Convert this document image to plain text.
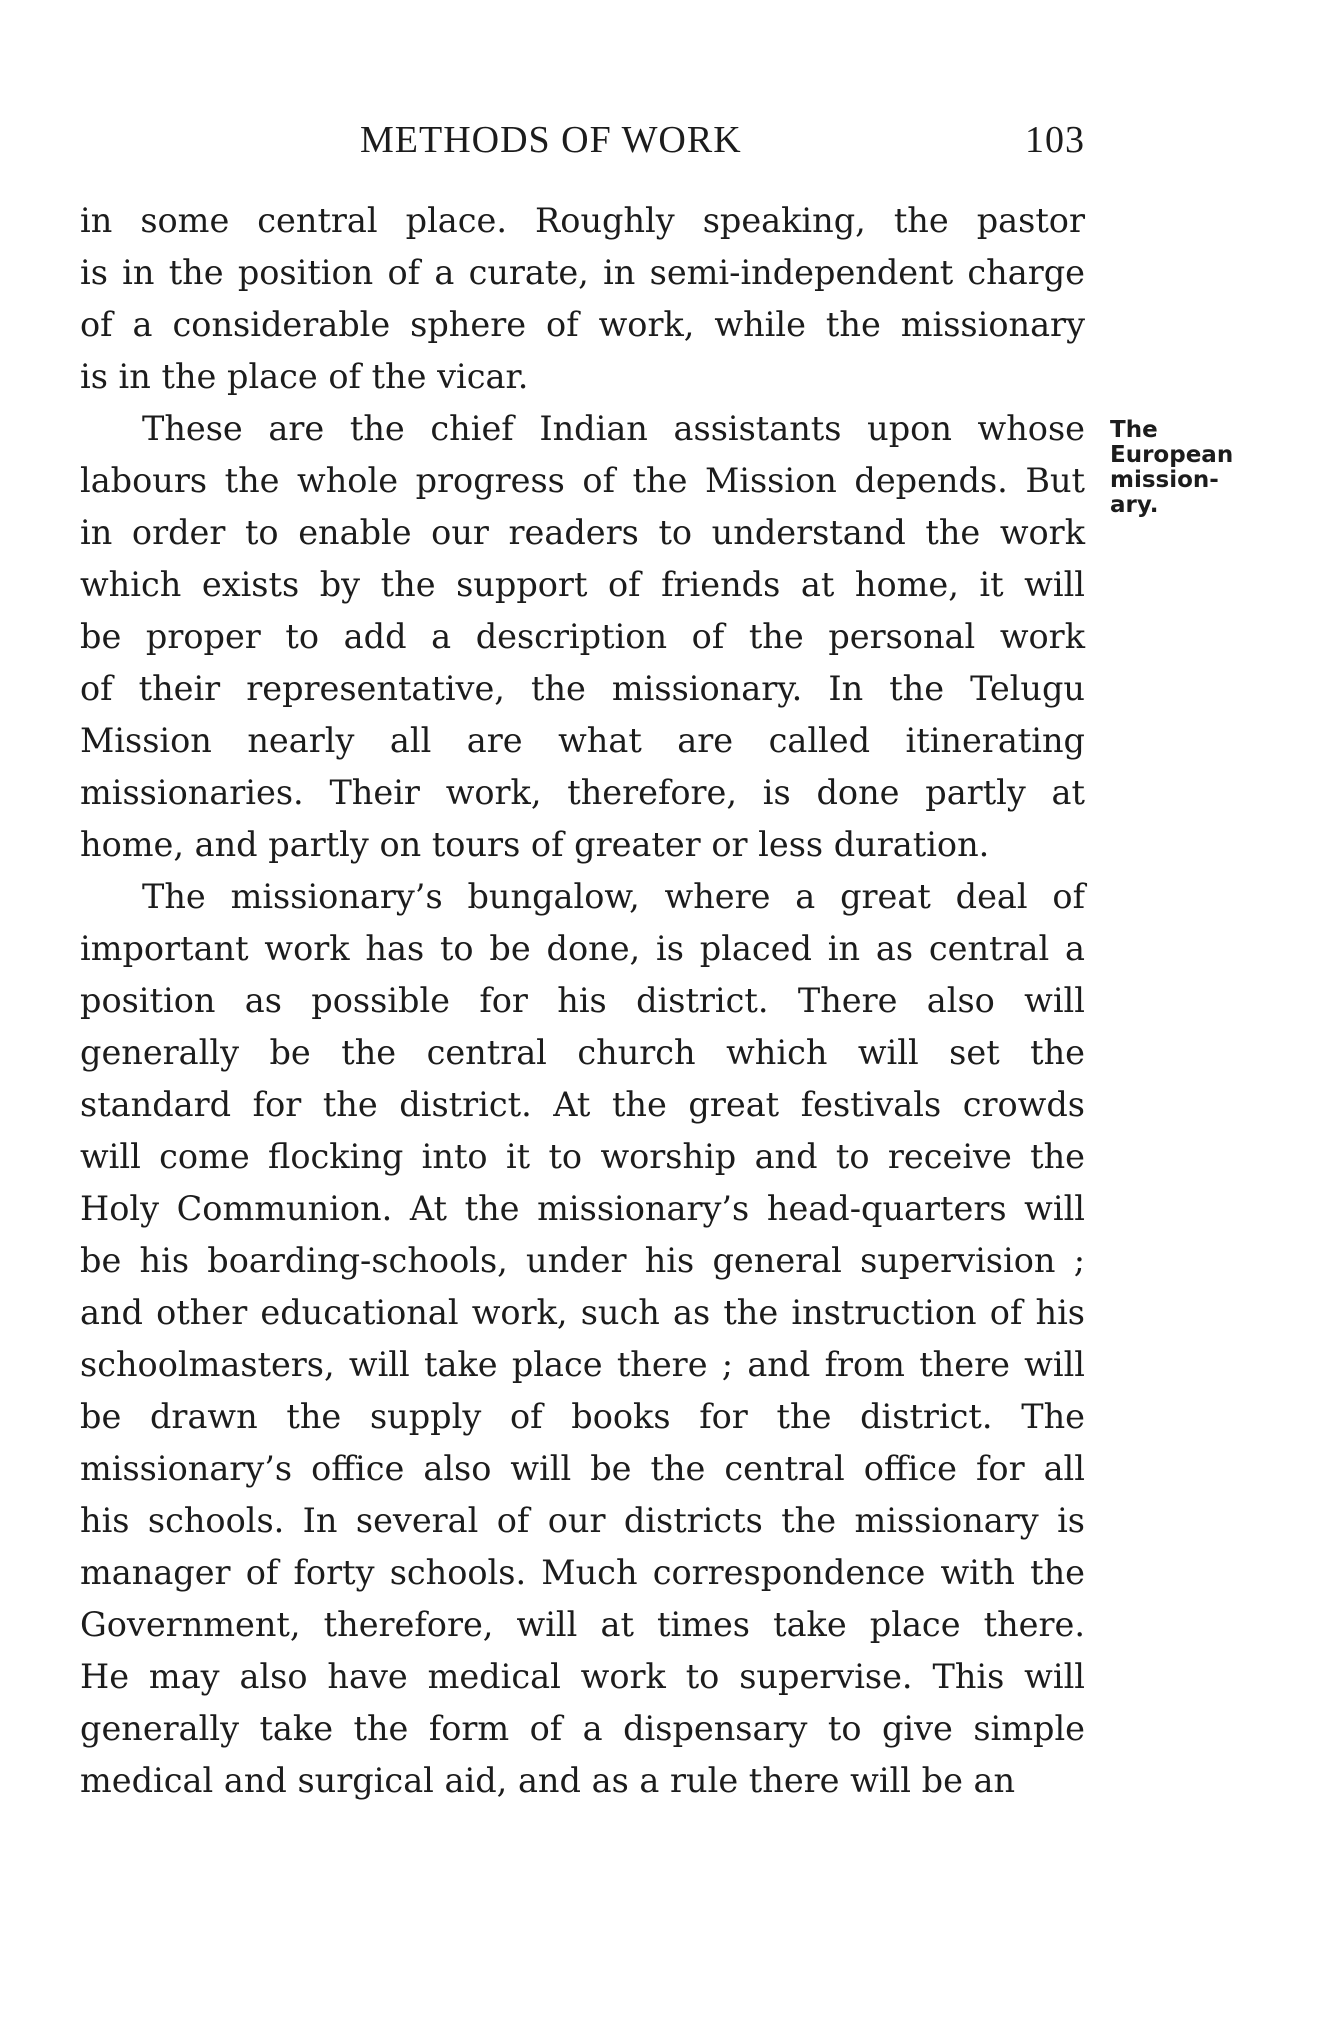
METHODS OF WORK	103
in some central place. Roughly speaking, the pastor
is in the position of a curate, in semi-independent charge
of a considerable sphere of work, while the missionary
is in the place of the vicar.
These are the chief Indian assistants upon whose
labours the whole progress of the Mission depends. But
in order to enable our readers to understand the work
which exists by the support of friends at home, it will
be proper to add a description of the personal work
of their representative, the missionary. In the Telugu
Mission nearly all are what are called itinerating
missionaries. Their work, therefore, is done partly at
home, and partly on tours of greater or less duration.
The missionary’s bungalow, where a great deal of
important work has to be done, is placed in as central a
position as possible for his district. There also will
generally be the central church which will set the
standard for the district. At the great festivals crowds
will come flocking into it to worship and to receive the
Holy Communion. At the missionary’s head-quarters will
be his boarding-schools, under his general supervision ;
and other educational work, such as the instruction of his
schoolmasters, will take place there ; and from there will
be drawn the supply of books for the district. The
missionary’s office also will be the central office for all
his schools. In several of our districts the missionary is
manager of forty schools. Much correspondence with the
Government, therefore, will at times take place there.
He may also have medical work to supervise. This will
generally take the form of a dispensary to give simple
medical and surgical aid, and as a rule there will be an
The
European
mission-
ary.
